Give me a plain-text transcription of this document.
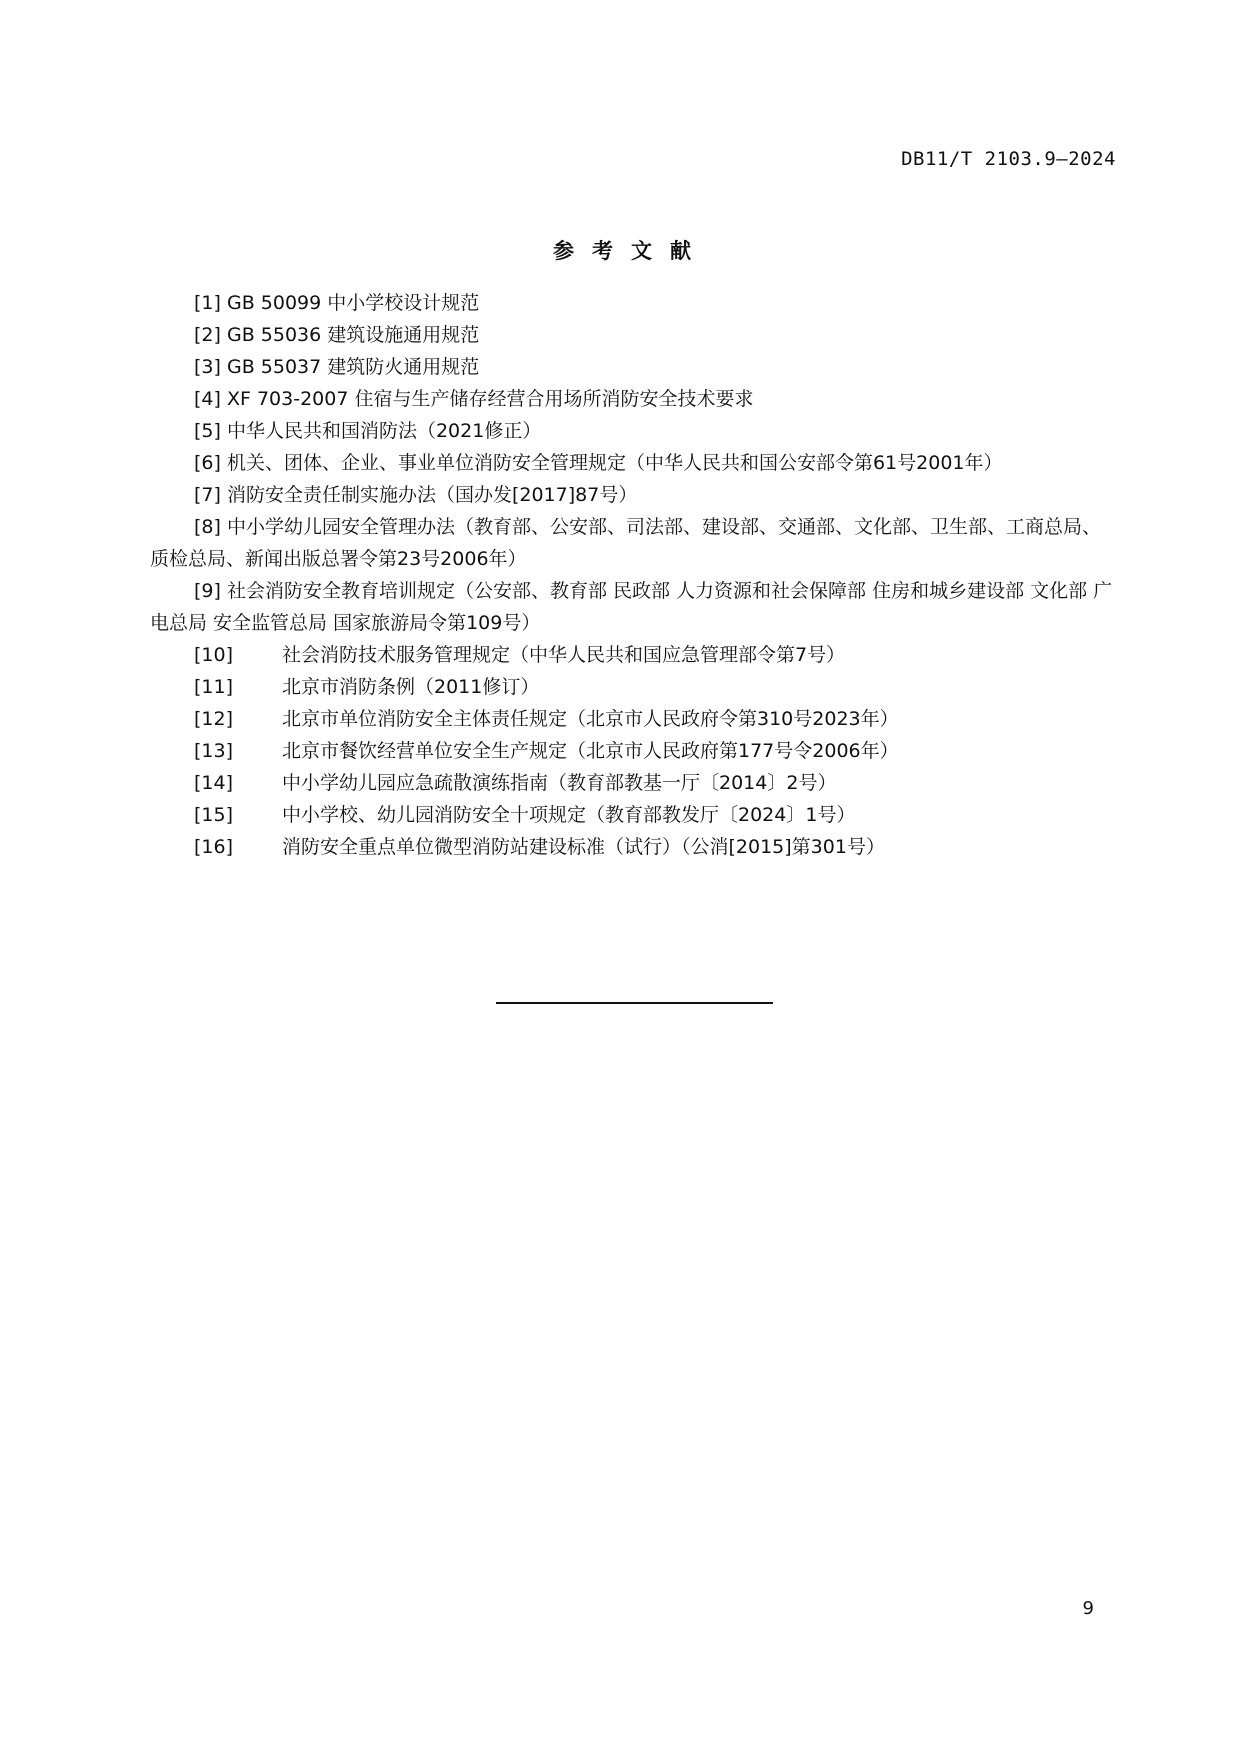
DB11/T 2103.9—2024
参考文献
[1] GB 50099 中小学校设计规范
[2] GB 55036 建筑设施通用规范
[3] GB 55037 建筑防火通用规范
[4] XF 703-2007 住宿与生产储存经营合用场所消防安全技术要求
[5] 中华人民共和国消防法（2021修正）
[6] 机关、团体、企业、事业单位消防安全管理规定（中华人民共和国公安部令第61号2001年）
[7] 消防安全责任制实施办法（国办发[2017]87号）
[8] 中小学幼儿园安全管理办法（教育部、公安部、司法部、建设部、交通部、文化部、卫生部、工商总局、质检总局、新闻出版总署令第23号2006年）
[9] 社会消防安全教育培训规定（公安部、教育部 民政部 人力资源和社会保障部 住房和城乡建设部 文化部 广电总局 安全监管总局 国家旅游局令第109号）
[10]	社会消防技术服务管理规定（中华人民共和国应急管理部令第7号）
[11]	北京市消防条例（2011修订）
[12]	北京市单位消防安全主体责任规定（北京市人民政府令第310号2023年）
[13]	北京市餐饮经营单位安全生产规定（北京市人民政府第177号令2006年）
[14]	中小学幼儿园应急疏散演练指南（教育部教基一厅〔2014〕2号）
[15]	中小学校、幼儿园消防安全十项规定（教育部教发厅〔2024〕1号）
[16]	消防安全重点单位微型消防站建设标准（试行）（公消[2015]第301号）
9
